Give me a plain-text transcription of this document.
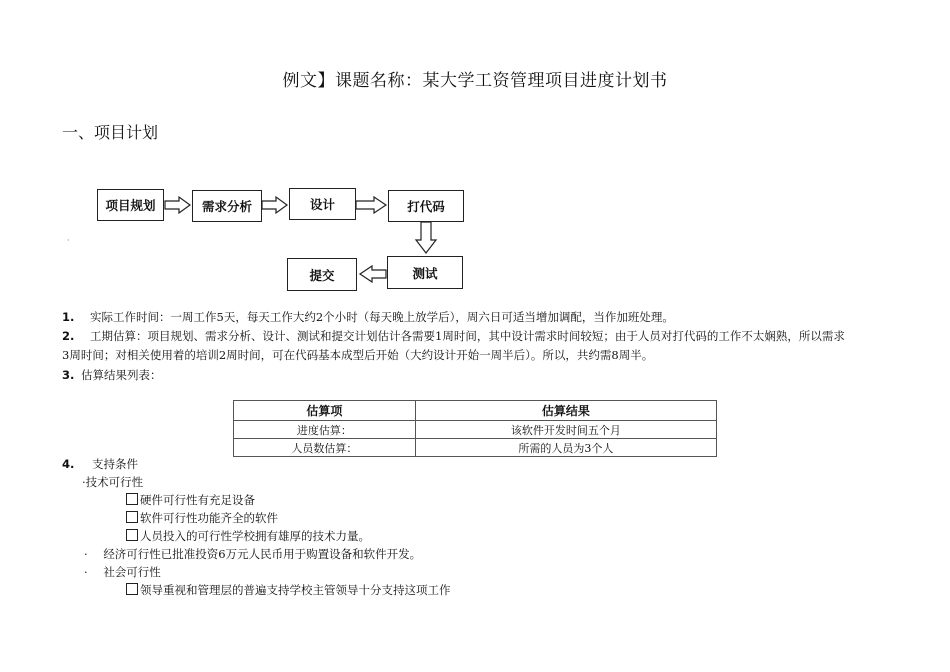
例文】课题名称：某大学工资管理项目进度计划书
一、项目计划
项目规划	需求分析	设计	打代码
测试
提交
·
1. 实际工作时间：一周工作5天，每天工作大约2个小时（每天晚上放学后），周六日可适当增加调配，当作加班处理。
2. 工期估算：项目规划、需求分析、设计、测试和提交计划估计各需要1周时间，其中设计需求时间较短；由于人员对打代码的工作不太娴熟，所以需求
3周时间；对相关使用着的培训2周时间，可在代码基本成型后开始（大约设计开始一周半后）。所以，共约需8周半。
3. 估算结果列表：
估算项	估算结果
进度估算：	该软件开发时间五个月
人员数估算：	所需的人员为3个人
4. 支持条件
·技术可行性
硬件可行性有充足设备
软件可行性功能齐全的软件
人员投入的可行性学校拥有雄厚的技术力量。
· 经济可行性已批准投资6万元人民币用于购置设备和软件开发。
· 社会可行性
领导重视和管理层的普遍支持学校主管领导十分支持这项工作
